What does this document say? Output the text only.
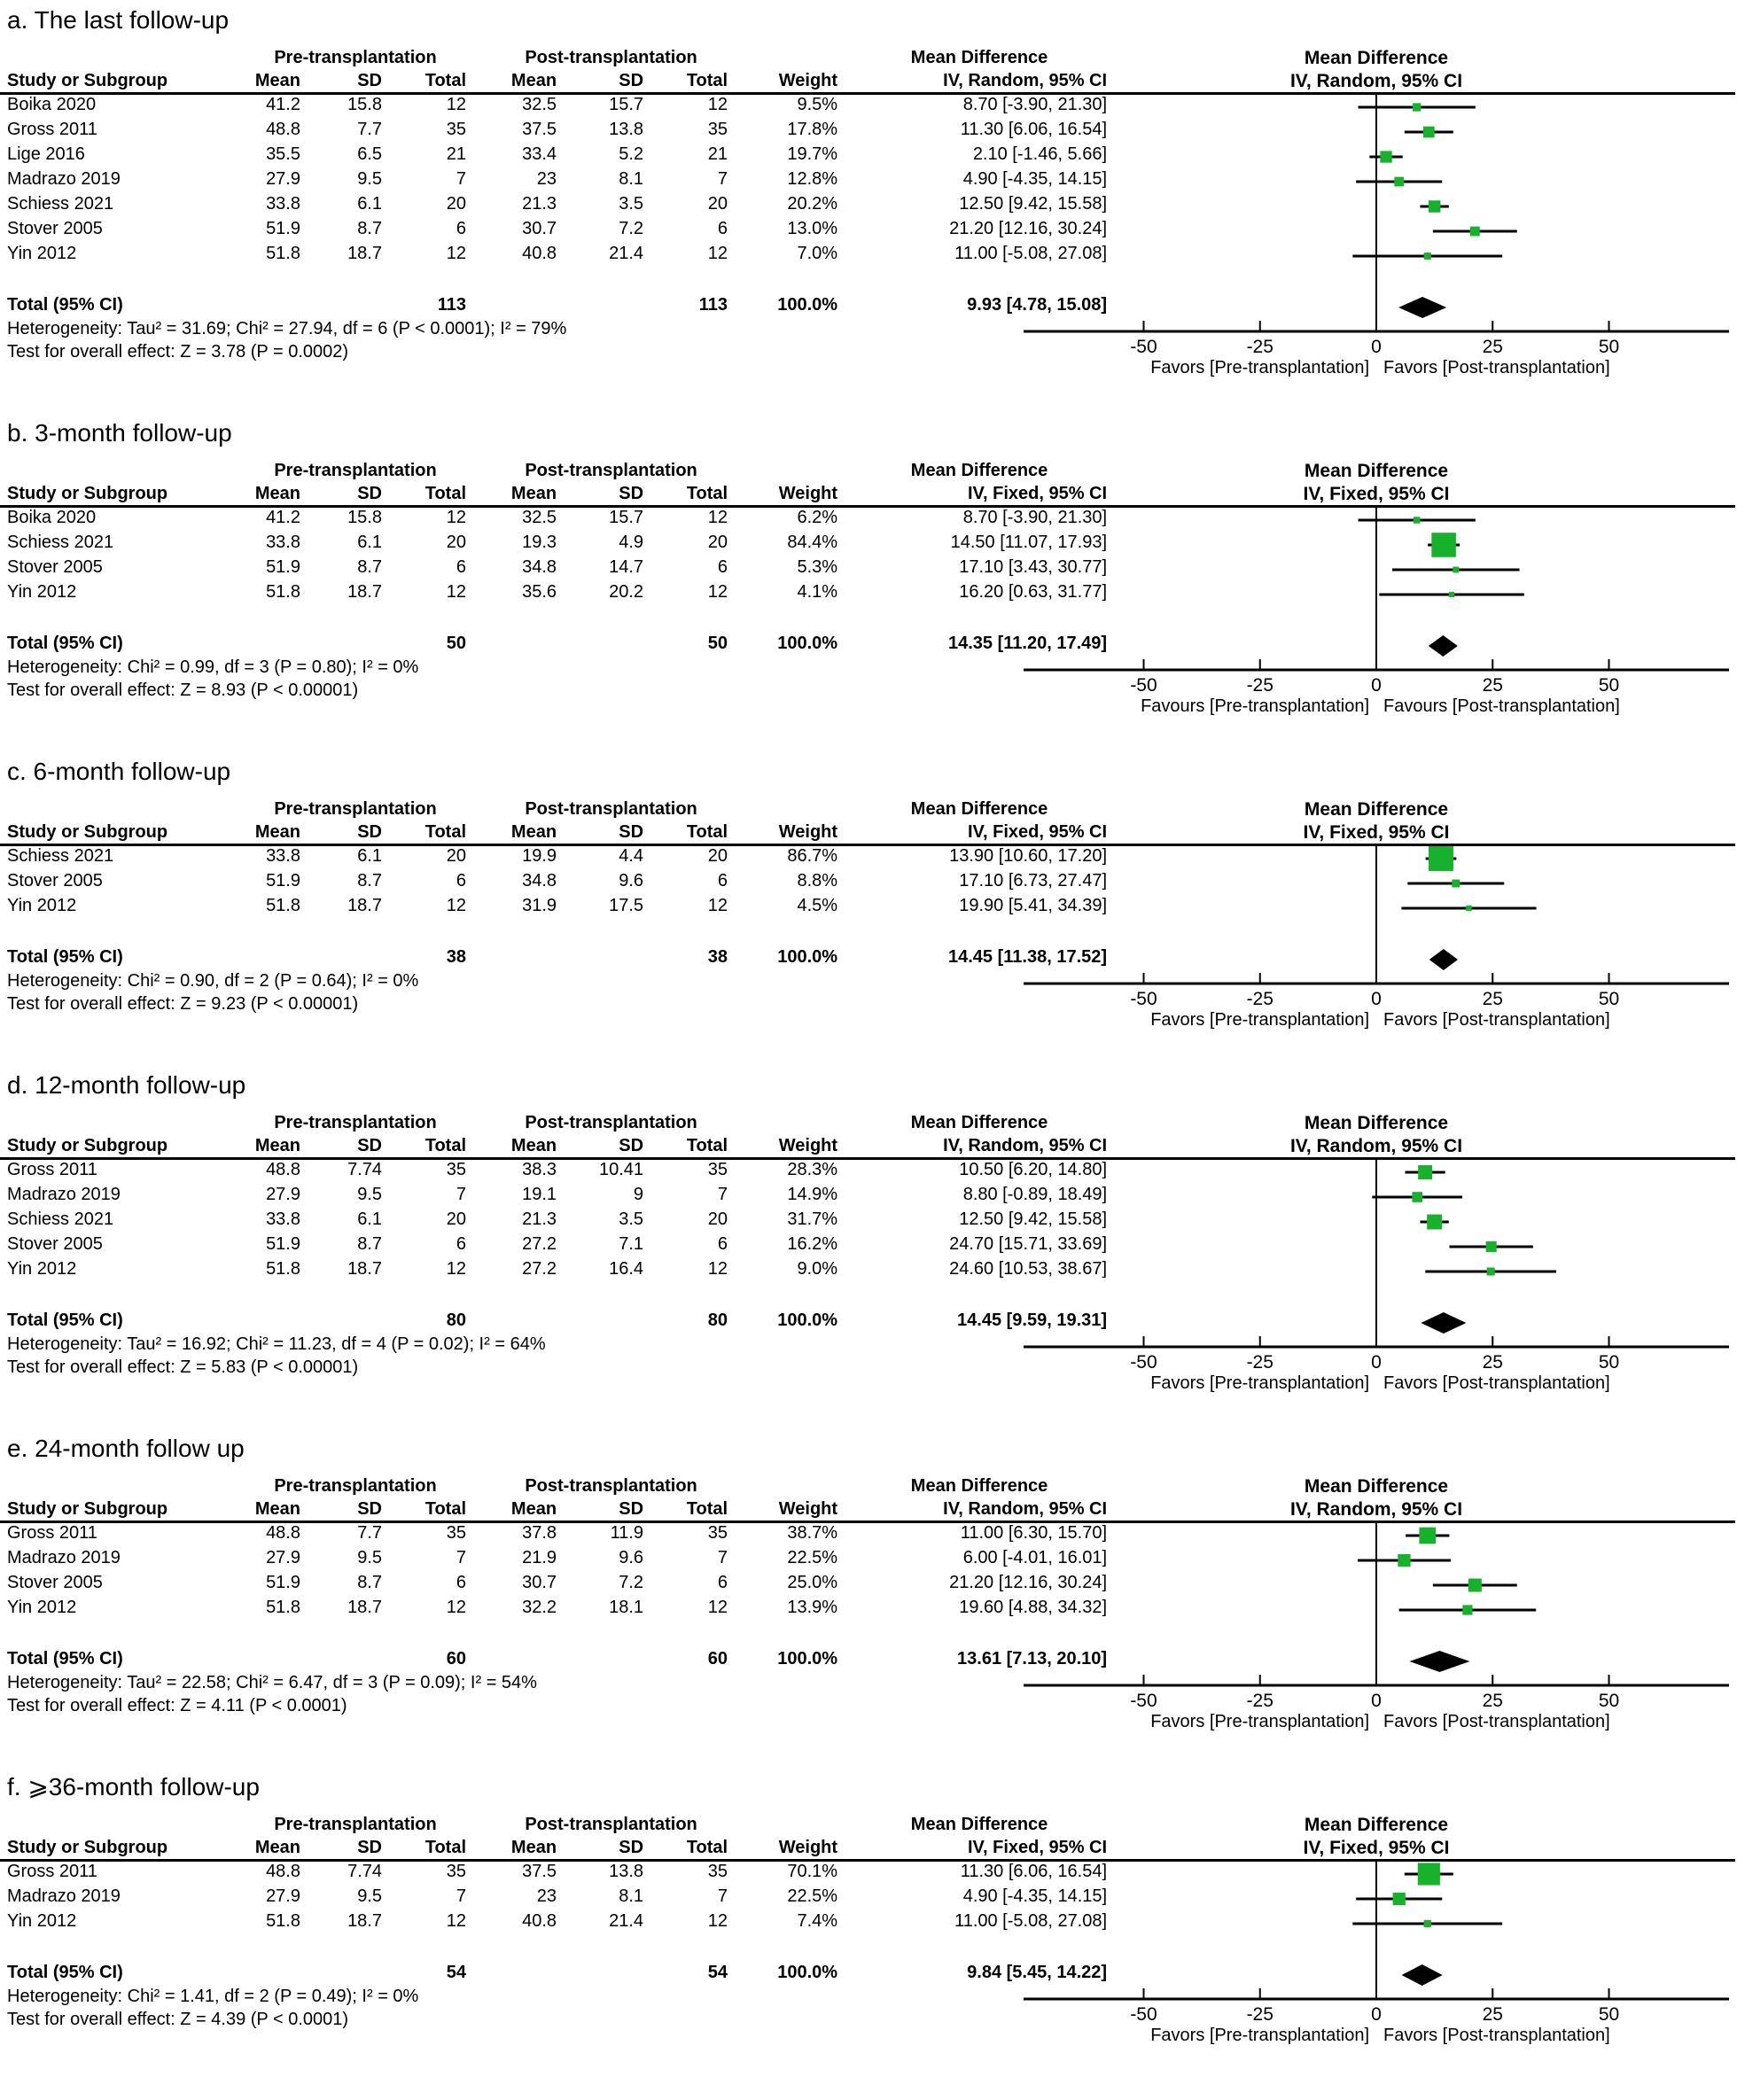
a. The last follow-up
	Pre-transplantation			Post-transplantation				Mean Difference
Study or Subgroup	Mean	SD	Total	Mean	SD	Total	Weight	IV, Random, 95% CI
Boika 2020	41.2	15.8	12	32.5	15.7	12	9.5%	8.70 [-3.90, 21.30]
Gross 2011	48.8	7.7	35	37.5	13.8	35	17.8%	11.30 [6.06, 16.54]
Lige 2016	35.5	6.5	21	33.4	5.2	21	19.7%	2.10 [-1.46, 5.66]
Madrazo 2019	27.9	9.5	7	23	8.1	7	12.8%	4.90 [-4.35, 14.15]
Schiess 2021	33.8	6.1	20	21.3	3.5	20	20.2%	12.50 [9.42, 15.58]
Stover 2005	51.9	8.7	6	30.7	7.2	6	13.0%	21.20 [12.16, 30.24]
Yin 2012	51.8	18.7	12	40.8	21.4	12	7.0%	11.00 [-5.08, 27.08]

Total (95% CI)			113			113	100.0%	9.93 [4.78, 15.08]
Heterogeneity: Tau² = 31.69; Chi² = 27.94, df = 6 (P < 0.0001); I² = 79%
Test for overall effect: Z = 3.78 (P = 0.0002)
Mean Difference
IV, Random, 95% CI
-50	-25	0	25	50
Favors [Pre-transplantation] Favors [Post-transplantation]
b. 3-month follow-up
	Pre-transplantation			Post-transplantation				Mean Difference
Study or Subgroup	Mean	SD	Total	Mean	SD	Total	Weight	IV, Fixed, 95% CI
Boika 2020	41.2	15.8	12	32.5	15.7	12	6.2%	8.70 [-3.90, 21.30]
Schiess 2021	33.8	6.1	20	19.3	4.9	20	84.4%	14.50 [11.07, 17.93]
Stover 2005	51.9	8.7	6	34.8	14.7	6	5.3%	17.10 [3.43, 30.77]
Yin 2012	51.8	18.7	12	35.6	20.2	12	4.1%	16.20 [0.63, 31.77]

Total (95% CI)			50			50	100.0%	14.35 [11.20, 17.49]
Heterogeneity: Chi² = 0.99, df = 3 (P = 0.80); I² = 0%
Test for overall effect: Z = 8.93 (P < 0.00001)
Mean Difference
IV, Fixed, 95% CI
-50	-25	0	25	50
Favours [Pre-transplantation] Favours [Post-transplantation]
c. 6-month follow-up
	Pre-transplantation			Post-transplantation				Mean Difference
Study or Subgroup	Mean	SD	Total	Mean	SD	Total	Weight	IV, Fixed, 95% CI
Schiess 2021	33.8	6.1	20	19.9	4.4	20	86.7%	13.90 [10.60, 17.20]
Stover 2005	51.9	8.7	6	34.8	9.6	6	8.8%	17.10 [6.73, 27.47]
Yin 2012	51.8	18.7	12	31.9	17.5	12	4.5%	19.90 [5.41, 34.39]

Total (95% CI)			38			38	100.0%	14.45 [11.38, 17.52]
Heterogeneity: Chi² = 0.90, df = 2 (P = 0.64); I² = 0%
Test for overall effect: Z = 9.23 (P < 0.00001)
Mean Difference
IV, Fixed, 95% CI
-50	-25	0	25	50
Favors [Pre-transplantation] Favors [Post-transplantation]
d. 12-month follow-up
	Pre-transplantation			Post-transplantation				Mean Difference
Study or Subgroup	Mean	SD	Total	Mean	SD	Total	Weight	IV, Random, 95% CI
Gross 2011	48.8	7.74	35	38.3	10.41	35	28.3%	10.50 [6.20, 14.80]
Madrazo 2019	27.9	9.5	7	19.1	9	7	14.9%	8.80 [-0.89, 18.49]
Schiess 2021	33.8	6.1	20	21.3	3.5	20	31.7%	12.50 [9.42, 15.58]
Stover 2005	51.9	8.7	6	27.2	7.1	6	16.2%	24.70 [15.71, 33.69]
Yin 2012	51.8	18.7	12	27.2	16.4	12	9.0%	24.60 [10.53, 38.67]

Total (95% CI)			80			80	100.0%	14.45 [9.59, 19.31]
Heterogeneity: Tau² = 16.92; Chi² = 11.23, df = 4 (P = 0.02); I² = 64%
Test for overall effect: Z = 5.83 (P < 0.00001)
Mean Difference
IV, Random, 95% CI
-50	-25	0	25	50
Favors [Pre-transplantation] Favors [Post-transplantation]
e. 24-month follow up
	Pre-transplantation			Post-transplantation				Mean Difference
Study or Subgroup	Mean	SD	Total	Mean	SD	Total	Weight	IV, Random, 95% CI
Gross 2011	48.8	7.7	35	37.8	11.9	35	38.7%	11.00 [6.30, 15.70]
Madrazo 2019	27.9	9.5	7	21.9	9.6	7	22.5%	6.00 [-4.01, 16.01]
Stover 2005	51.9	8.7	6	30.7	7.2	6	25.0%	21.20 [12.16, 30.24]
Yin 2012	51.8	18.7	12	32.2	18.1	12	13.9%	19.60 [4.88, 34.32]

Total (95% CI)			60			60	100.0%	13.61 [7.13, 20.10]
Heterogeneity: Tau² = 22.58; Chi² = 6.47, df = 3 (P = 0.09); I² = 54%
Test for overall effect: Z = 4.11 (P < 0.0001)
Mean Difference
IV, Random, 95% CI
-50	-25	0	25	50
Favors [Pre-transplantation] Favors [Post-transplantation]
f. ⩾36-month follow-up
	Pre-transplantation			Post-transplantation				Mean Difference
Study or Subgroup	Mean	SD	Total	Mean	SD	Total	Weight	IV, Fixed, 95% CI
Gross 2011	48.8	7.74	35	37.5	13.8	35	70.1%	11.30 [6.06, 16.54]
Madrazo 2019	27.9	9.5	7	23	8.1	7	22.5%	4.90 [-4.35, 14.15]
Yin 2012	51.8	18.7	12	40.8	21.4	12	7.4%	11.00 [-5.08, 27.08]

Total (95% CI)			54			54	100.0%	9.84 [5.45, 14.22]
Heterogeneity: Chi² = 1.41, df = 2 (P = 0.49); I² = 0%
Test for overall effect: Z = 4.39 (P < 0.0001)
Mean Difference
IV, Fixed, 95% CI
-50	-25	0	25	50
Favors [Pre-transplantation] Favors [Post-transplantation]
